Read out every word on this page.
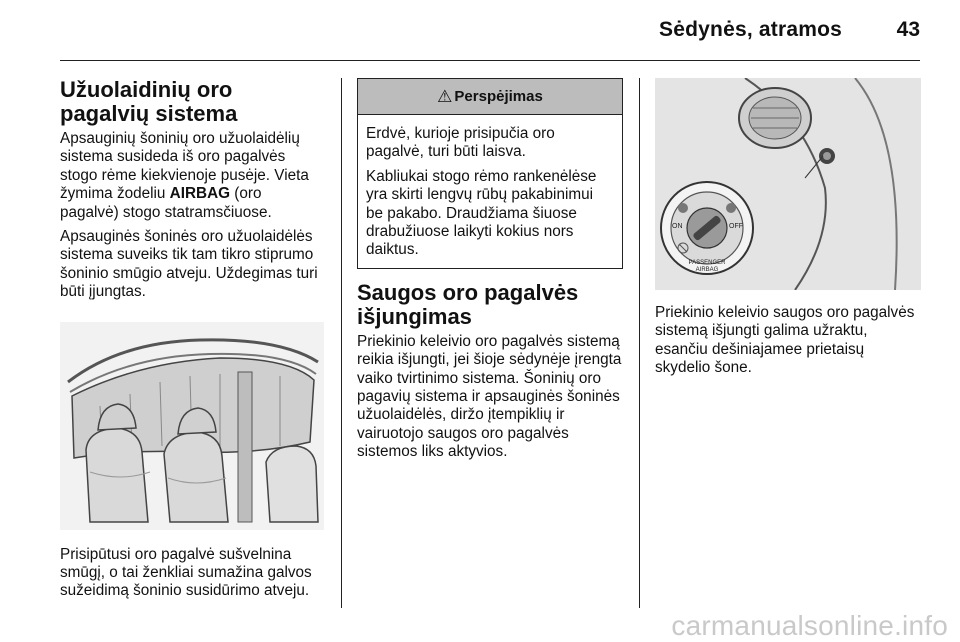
Sėdynės, atramos	43
Užuolaidinių oro pagalvių sistema

Apsauginių šoninių oro užuolaidėlių sistema susideda iš oro pagalvės stogo rėme kiekvienoje pusėje. Vieta žymima žodeliu AIRBAG (oro pagalvė) stogo statramsčiuose.

Apsauginės šoninės oro užuolaidėlės sistema suveiks tik tam tikro stiprumo šoninio smūgio atveju. Uždegimas turi būti įjungtas.

Prisipūtusi oro pagalvė sušvelnina smūgį, o tai ženkliai sumažina galvos sužeidimą šoninio susidūrimo atveju.

⚠ Perspėjimas

Erdvė, kurioje prisipučia oro pagalvė, turi būti laisva.

Kabliukai stogo rėmo rankenėlėse yra skirti lengvų rūbų pakabinimui be pakabo. Draudžiama šiuose drabužiuose laikyti kokius nors daiktus.

Saugos oro pagalvės išjungimas

Priekinio keleivio oro pagalvės sistemą reikia išjungti, jei šioje sėdynėje įrengta vaiko tvirtinimo sistema. Šoninių oro pagavių sistema ir apsauginės šoninės užuolaidėlės, diržo įtempiklių ir vairuotojo saugos oro pagalvės sistemos liks aktyvios.

ON	OFF
PASSENGER
AIRBAG

Priekinio keleivio saugos oro pagalvės sistemą išjungti galima užraktu, esančiu dešiniajamee prietaisų skydelio šone.

carmanualsonline.info
